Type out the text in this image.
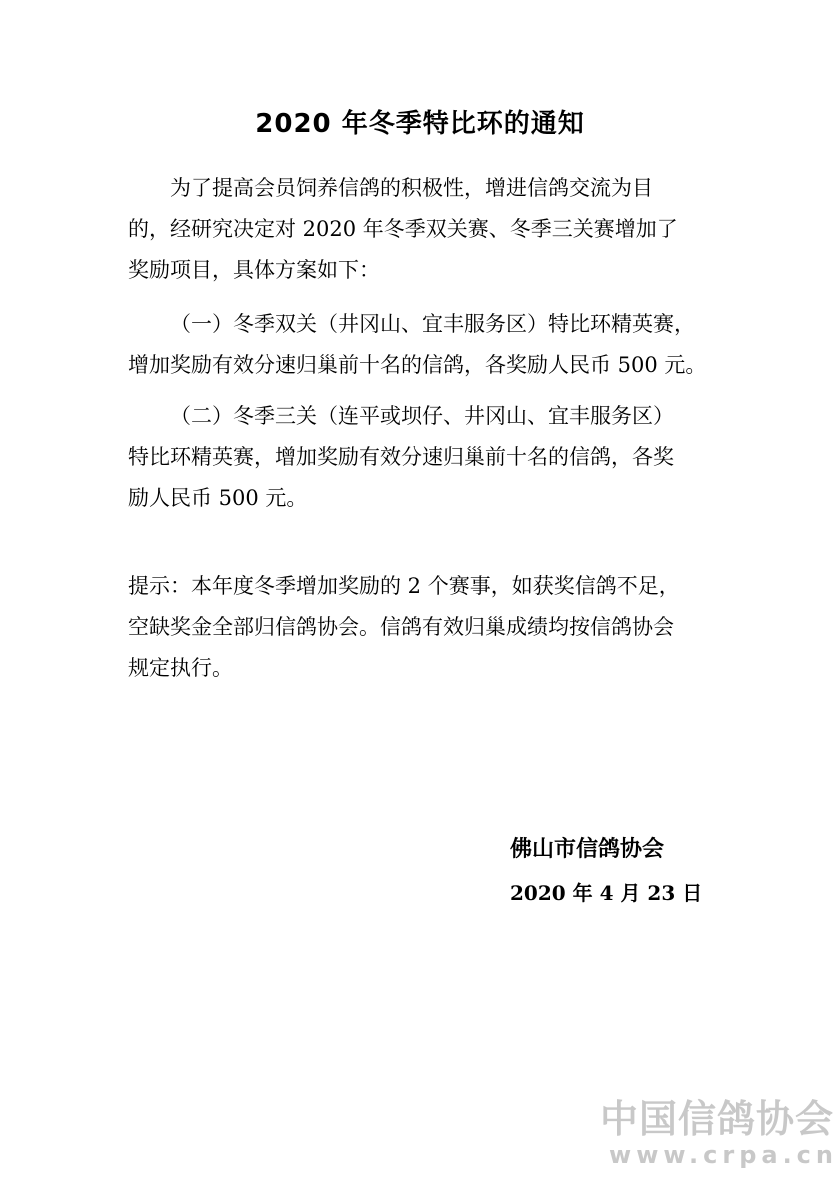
2020 年冬季特比环的通知
为了提高会员饲养信鸽的积极性，增进信鸽交流为目
的，经研究决定对 2020 年冬季双关赛、冬季三关赛增加了
奖励项目，具体方案如下：
（一）冬季双关（井冈山、宜丰服务区）特比环精英赛，
增加奖励有效分速归巢前十名的信鸽，各奖励人民币 500 元。
（二）冬季三关（连平或坝仔、井冈山、宜丰服务区）
特比环精英赛，增加奖励有效分速归巢前十名的信鸽，各奖
励人民币 500 元。
提示：本年度冬季增加奖励的 2 个赛事，如获奖信鸽不足，
空缺奖金全部归信鸽协会。信鸽有效归巢成绩均按信鸽协会
规定执行。
佛山市信鸽协会
2020 年 4 月 23 日
中国信鸽协会
www.crpa.cn
